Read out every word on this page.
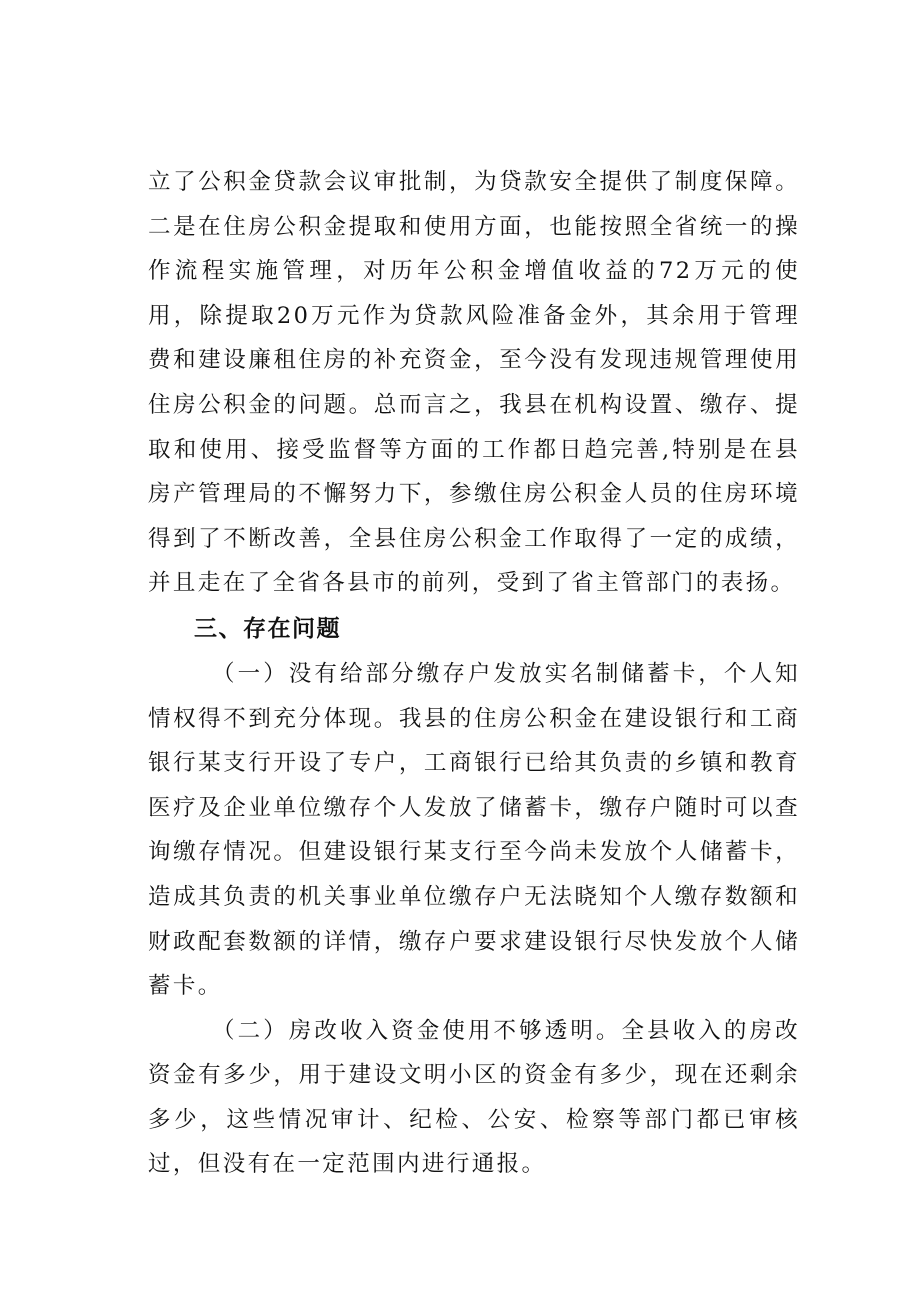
立了公积金贷款会议审批制，为贷款安全提供了制度保障。二是在住房公积金提取和使用方面，也能按照全省统一的操作流程实施管理，对历年公积金增值收益的72万元的使用，除提取20万元作为贷款风险准备金外，其余用于管理费和建设廉租住房的补充资金，至今没有发现违规管理使用住房公积金的问题。总而言之，我县在机构设置、缴存、提取和使用、接受监督等方面的工作都日趋完善,特别是在县房产管理局的不懈努力下，参缴住房公积金人员的住房环境得到了不断改善，全县住房公积金工作取得了一定的成绩，并且走在了全省各县市的前列，受到了省主管部门的表扬。

三、存在问题

（一）没有给部分缴存户发放实名制储蓄卡，个人知情权得不到充分体现。我县的住房公积金在建设银行和工商银行某支行开设了专户，工商银行已给其负责的乡镇和教育医疗及企业单位缴存个人发放了储蓄卡，缴存户随时可以查询缴存情况。但建设银行某支行至今尚未发放个人储蓄卡，造成其负责的机关事业单位缴存户无法晓知个人缴存数额和财政配套数额的详情，缴存户要求建设银行尽快发放个人储蓄卡。

（二）房改收入资金使用不够透明。全县收入的房改资金有多少，用于建设文明小区的资金有多少，现在还剩余多少，这些情况审计、纪检、公安、检察等部门都已审核过，但没有在一定范围内进行通报。
